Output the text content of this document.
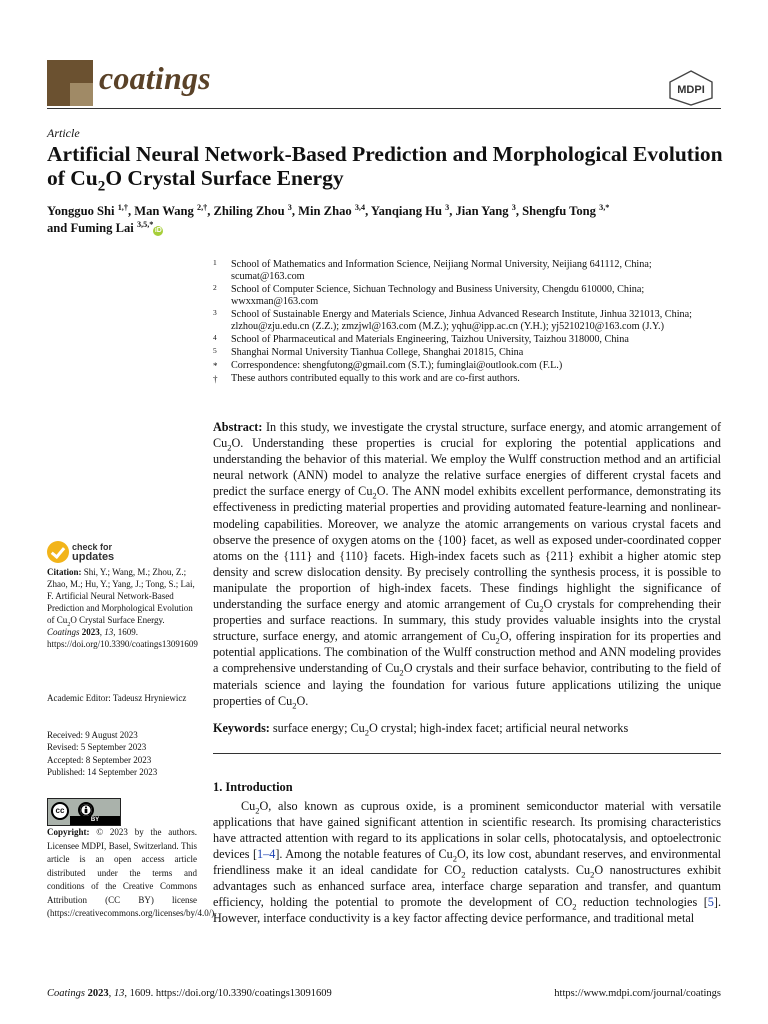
coatings	MDPI
Article
Artificial Neural Network-Based Prediction and Morphological Evolution of $Cu_2O$ Crystal Surface Energy
Yongguo Shi $^{1,\dagger}$, Man Wang $^{2,\dagger}$, Zhiling Zhou $^3$, Min Zhao $^{3,4}$, Yanqiang Hu $^3$, Jian Yang $^3$, Shengfu Tong $^{3,*}$
and Fuming Lai $^{3,5,*}$iD
1	School of Mathematics and Information Science, Neijiang Normal University, Neijiang 641112, China; scumat@163.com
2	School of Computer Science, Sichuan Technology and Business University, Chengdu 610000, China; wwxxman@163.com
3	School of Sustainable Energy and Materials Science, Jinhua Advanced Research Institute, Jinhua 321013, China; zlzhou@zju.edu.cn (Z.Z.); zmzjwl@163.com (M.Z.); yqhu@ipp.ac.cn (Y.H.); yj5210210@163.com (J.Y.)
4	School of Pharmaceutical and Materials Engineering, Taizhou University, Taizhou 318000, China
5	Shanghai Normal University Tianhua College, Shanghai 201815, China
*	Correspondence: shengfutong@gmail.com (S.T.); fuminglai@outlook.com (F.L.)
†	These authors contributed equally to this work and are co-first authors.
Abstract: In this study, we investigate the crystal structure, surface energy, and atomic arrangement of $Cu_2O$. Understanding these properties is crucial for exploring the potential applications and understanding the behavior of this material. We employ the Wulff construction method and an artificial neural network (ANN) model to analyze the relative surface energies of different crystal facets and predict the surface energy of $Cu_2O$. The ANN model exhibits excellent performance, demonstrating its effectiveness in predicting material properties and providing automated feature-learning and nonlinear-modeling capabilities. Moreover, we analyze the atomic arrangements on various crystal facets and observe the presence of oxygen atoms on the {100} facet, as well as exposed under-coordinated copper atoms on the {111} and {110} facets. High-index facets such as {211} exhibit a higher atomic step density and screw dislocation density. By precisely controlling the synthesis process, it is possible to manipulate the proportion of high-index facets. These findings highlight the significance of understanding the surface energy and atomic arrangement of $Cu_2O$ crystals for comprehending their properties and surface reactions. In summary, this study provides valuable insights into the crystal structure, surface energy, and atomic arrangement of $Cu_2O$, offering inspiration for its properties and potential applications. The combination of the Wulff construction method and ANN modeling provides a comprehensive understanding of $Cu_2O$ crystals and their surface behavior, contributing to the field of materials science and laying the foundation for various future applications utilizing the unique properties of $Cu_2O$.
Keywords: surface energy; $Cu_2O$ crystal; high-index facet; artificial neural networks
1. Introduction

$Cu_2O$, also known as cuprous oxide, is a prominent semiconductor material with versatile applications that have gained significant attention in scientific research. Its promising characteristics have attracted attention with regard to its applications in solar cells, photocatalysis, and optoelectronic devices [1–4]. Among the notable features of $Cu_2O$, its low cost, abundant reserves, and environmental friendliness make it an ideal candidate for $CO_2$ reduction catalysts. $Cu_2O$ nanostructures exhibit advantages such as enhanced surface area, interface charge separation and transfer, and quantum efficiency, holding the potential to promote the development of $CO_2$ reduction technologies [5]. However, interface conductivity is a key factor affecting device performance, and traditional metal

check for
updates
Citation: Shi, Y.; Wang, M.; Zhou, Z.; Zhao, M.; Hu, Y.; Yang, J.; Tong, S.; Lai, F. Artificial Neural Network-Based Prediction and Morphological Evolution of $Cu_2O$ Crystal Surface Energy. Coatings 2023, 13, 1609. https://doi.org/10.3390/coatings13091609
Academic Editor: Tadeusz Hryniewicz
Received: 9 August 2023
Revised: 5 September 2023
Accepted: 8 September 2023
Published: 14 September 2023
cc
BY
Copyright: © 2023 by the authors. Licensee MDPI, Basel, Switzerland. This article is an open access article distributed under the terms and conditions of the Creative Commons Attribution (CC BY) license (https://creativecommons.org/licenses/by/4.0/).
Coatings 2023, 13, 1609. https://doi.org/10.3390/coatings13091609	https://www.mdpi.com/journal/coatings
